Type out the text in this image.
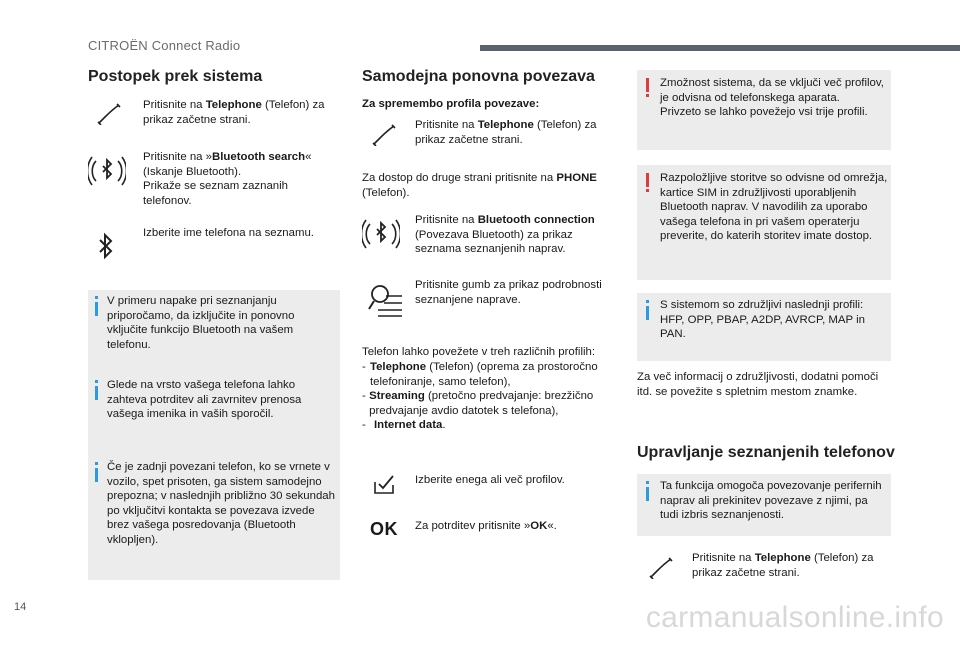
CITROËN Connect Radio
Postopek prek sistema
Pritisnite na Telephone (Telefon) za prikaz začetne strani.
Pritisnite na »Bluetooth search« (Iskanje Bluetooth).
Prikaže se seznam zaznanih telefonov.
Izberite ime telefona na seznamu.
V primeru napake pri seznanjanju priporočamo, da izključite in ponovno vključite funkcijo Bluetooth na vašem telefonu.
Glede na vrsto vašega telefona lahko zahteva potrditev ali zavrnitev prenosa vašega imenika in vaših sporočil.
Če je zadnji povezani telefon, ko se vrnete v vozilo, spet prisoten, ga sistem samodejno prepozna; v naslednjih približno 30 sekundah po vključitvi kontakta se povezava izvede brez vašega posredovanja (Bluetooth vklopljen).
Samodejna ponovna povezava
Za spremembo profila povezave:
Pritisnite na Telephone (Telefon) za prikaz začetne strani.
Za dostop do druge strani pritisnite na PHONE (Telefon).
Pritisnite na Bluetooth connection (Povezava Bluetooth) za prikaz seznama seznanjenih naprav.
Pritisnite gumb za prikaz podrobnosti seznanjene naprave.
Telefon lahko povežete v treh različnih profilih:
- Telephone (Telefon) (oprema za prostoročno telefoniranje, samo telefon),
- Streaming (pretočno predvajanje: brezžično predvajanje avdio datotek s telefona),
- Internet data.
Izberite enega ali več profilov.
OK Za potrditev pritisnite »OK«.
Zmožnost sistema, da se vključi več profilov, je odvisna od telefonskega aparata.
Privzeto se lahko povežejo vsi trije profili.
Razpoložljive storitve so odvisne od omrežja, kartice SIM in združljivosti uporabljenih Bluetooth naprav. V navodilih za uporabo vašega telefona in pri vašem operaterju preverite, do katerih storitev imate dostop.
S sistemom so združljivi naslednji profili: HFP, OPP, PBAP, A2DP, AVRCP, MAP in PAN.
Za več informacij o združljivosti, dodatni pomoči itd. se povežite s spletnim mestom znamke.
Upravljanje seznanjenih telefonov
Ta funkcija omogoča povezovanje perifernih naprav ali prekinitev povezave z njimi, pa tudi izbris seznanjenosti.
Pritisnite na Telephone (Telefon) za prikaz začetne strani.
14	carmanualsonline.info
